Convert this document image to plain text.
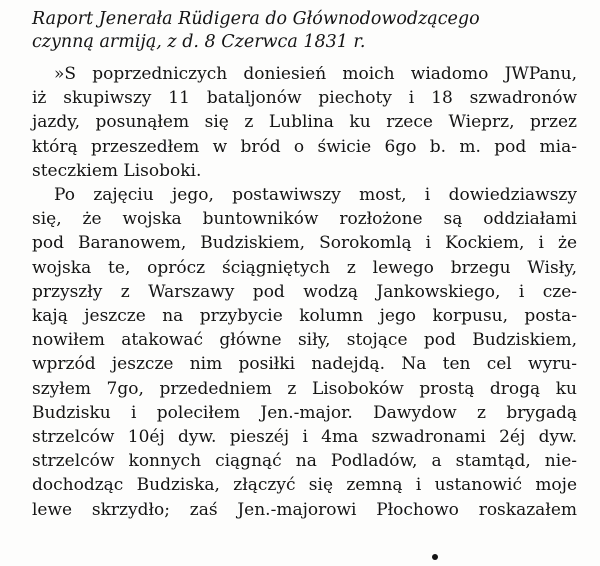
Raport Jenerała Rüdigera do Głównodowodzącego
czynną armiją, z d. 8 Czerwca 1831 r.
»S poprzedniczych doniesień moich wiadomo JWPanu,
iż skupiwszy 11 bataljonów piechoty i 18 szwadronów
jazdy, posunąłem się z Lublina ku rzece Wieprz, przez
którą przeszedłem w bród o świcie 6go b. m. pod mia-
steczkiem Lisoboki.
Po zajęciu jego, postawiwszy most, i dowiedziawszy
się, że wojska buntowników rozłożone są oddziałami
pod Baranowem, Budziskiem, Sorokomlą i Kockiem, i że
wojska te, oprócz ściągniętych z lewego brzegu Wisły,
przyszły z Warszawy pod wodzą Jankowskiego, i cze-
kają jeszcze na przybycie kolumn jego korpusu, posta-
nowiłem atakować główne siły, stojące pod Budziskiem,
wprzód jeszcze nim posiłki nadejdą. Na ten cel wyru-
szyłem 7go, przededniem z Lisoboków prostą drogą ku
Budzisku i poleciłem Jen.-major. Dawydow z brygadą
strzelców 10éj dyw. pieszéj i 4ma szwadronami 2éj dyw.
strzelców konnych ciągnąć na Podladów, a stamtąd, nie-
dochodząc Budziska, złączyć się zemną i ustanowić moje
lewe skrzydło; zaś Jen.-majorowi Płochowo roskazałem
